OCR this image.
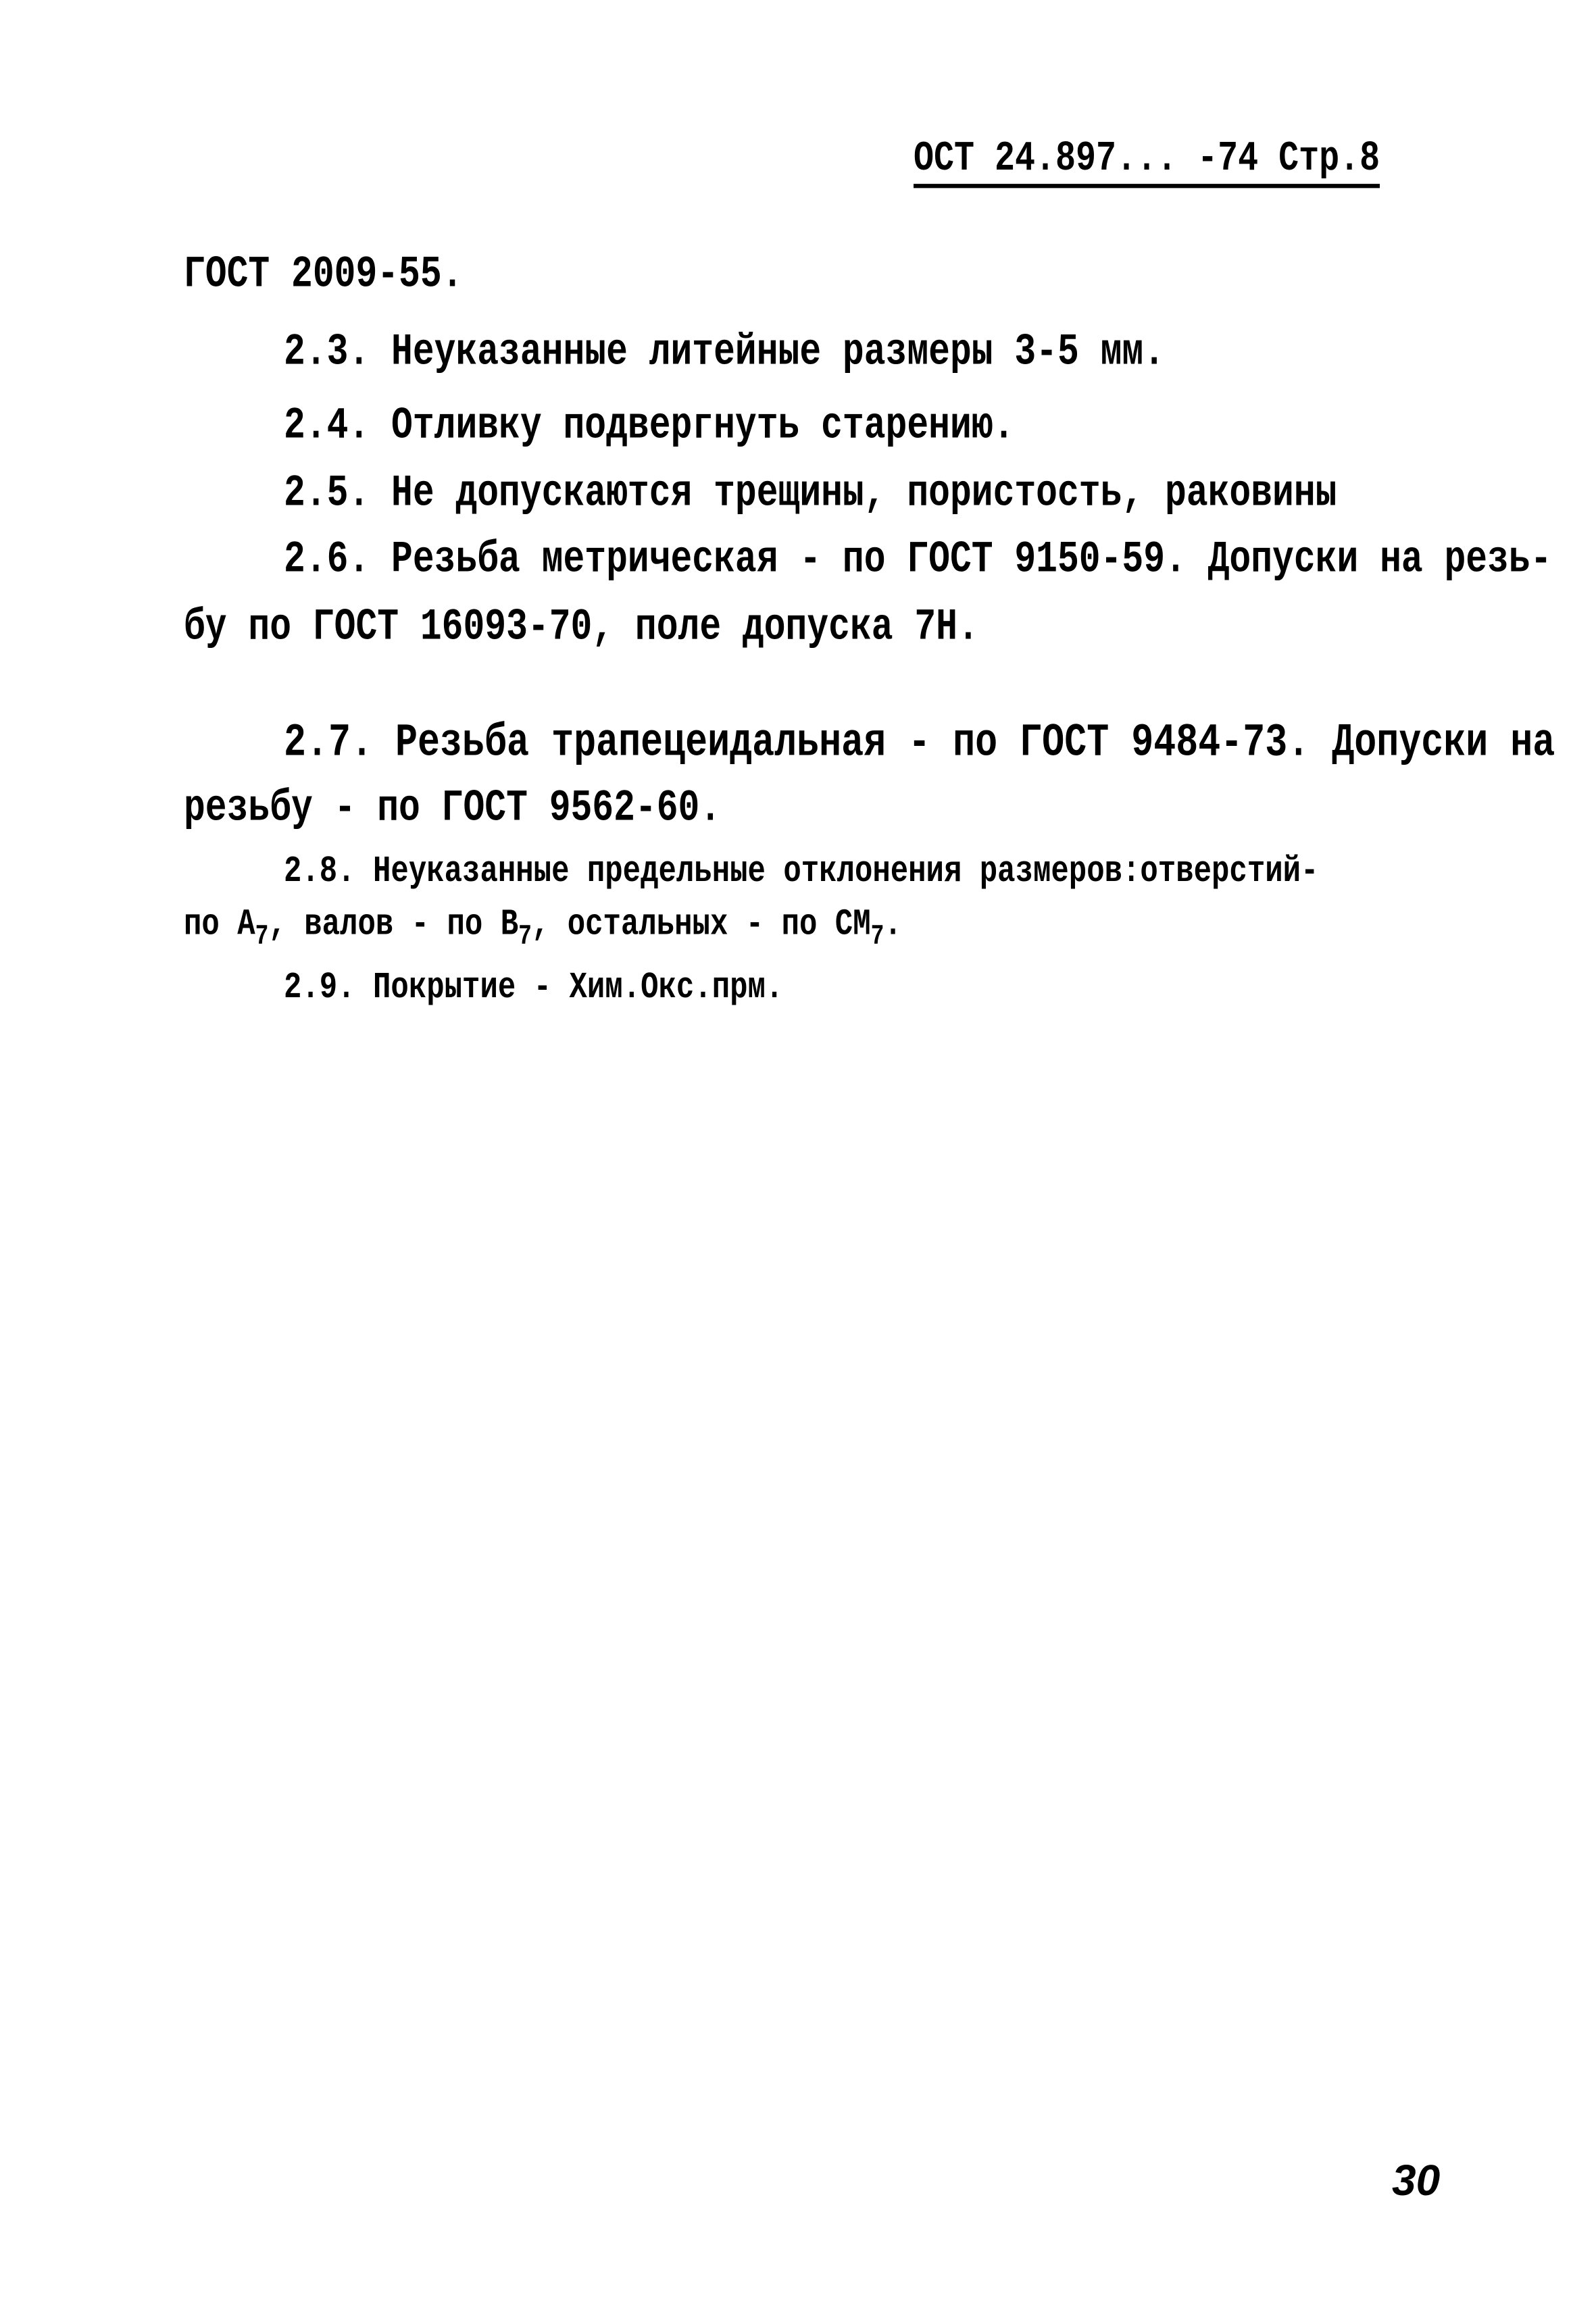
ОСТ 24.897... -74 Стр.8
ГОСТ 2009-55.
2.3. Неуказанные литейные размеры 3-5 мм.
2.4. Отливку подвергнуть старению.
2.5. Не допускаются трещины, пористость, раковины
2.6. Резьба метрическая - по ГОСТ 9150-59. Допуски на резь-
бу по ГОСТ 16093-70, поле допуска 7Н.
2.7. Резьба трапецеидальная - по ГОСТ 9484-73. Допуски на
резьбу - по ГОСТ 9562-60.
2.8. Неуказанные предельные отклонения размеров:отверстий-
по $А_7$, валов - по $В_7$, остальных - по $СМ_7$.
2.9. Покрытие - Хим.Окс.прм.
30
